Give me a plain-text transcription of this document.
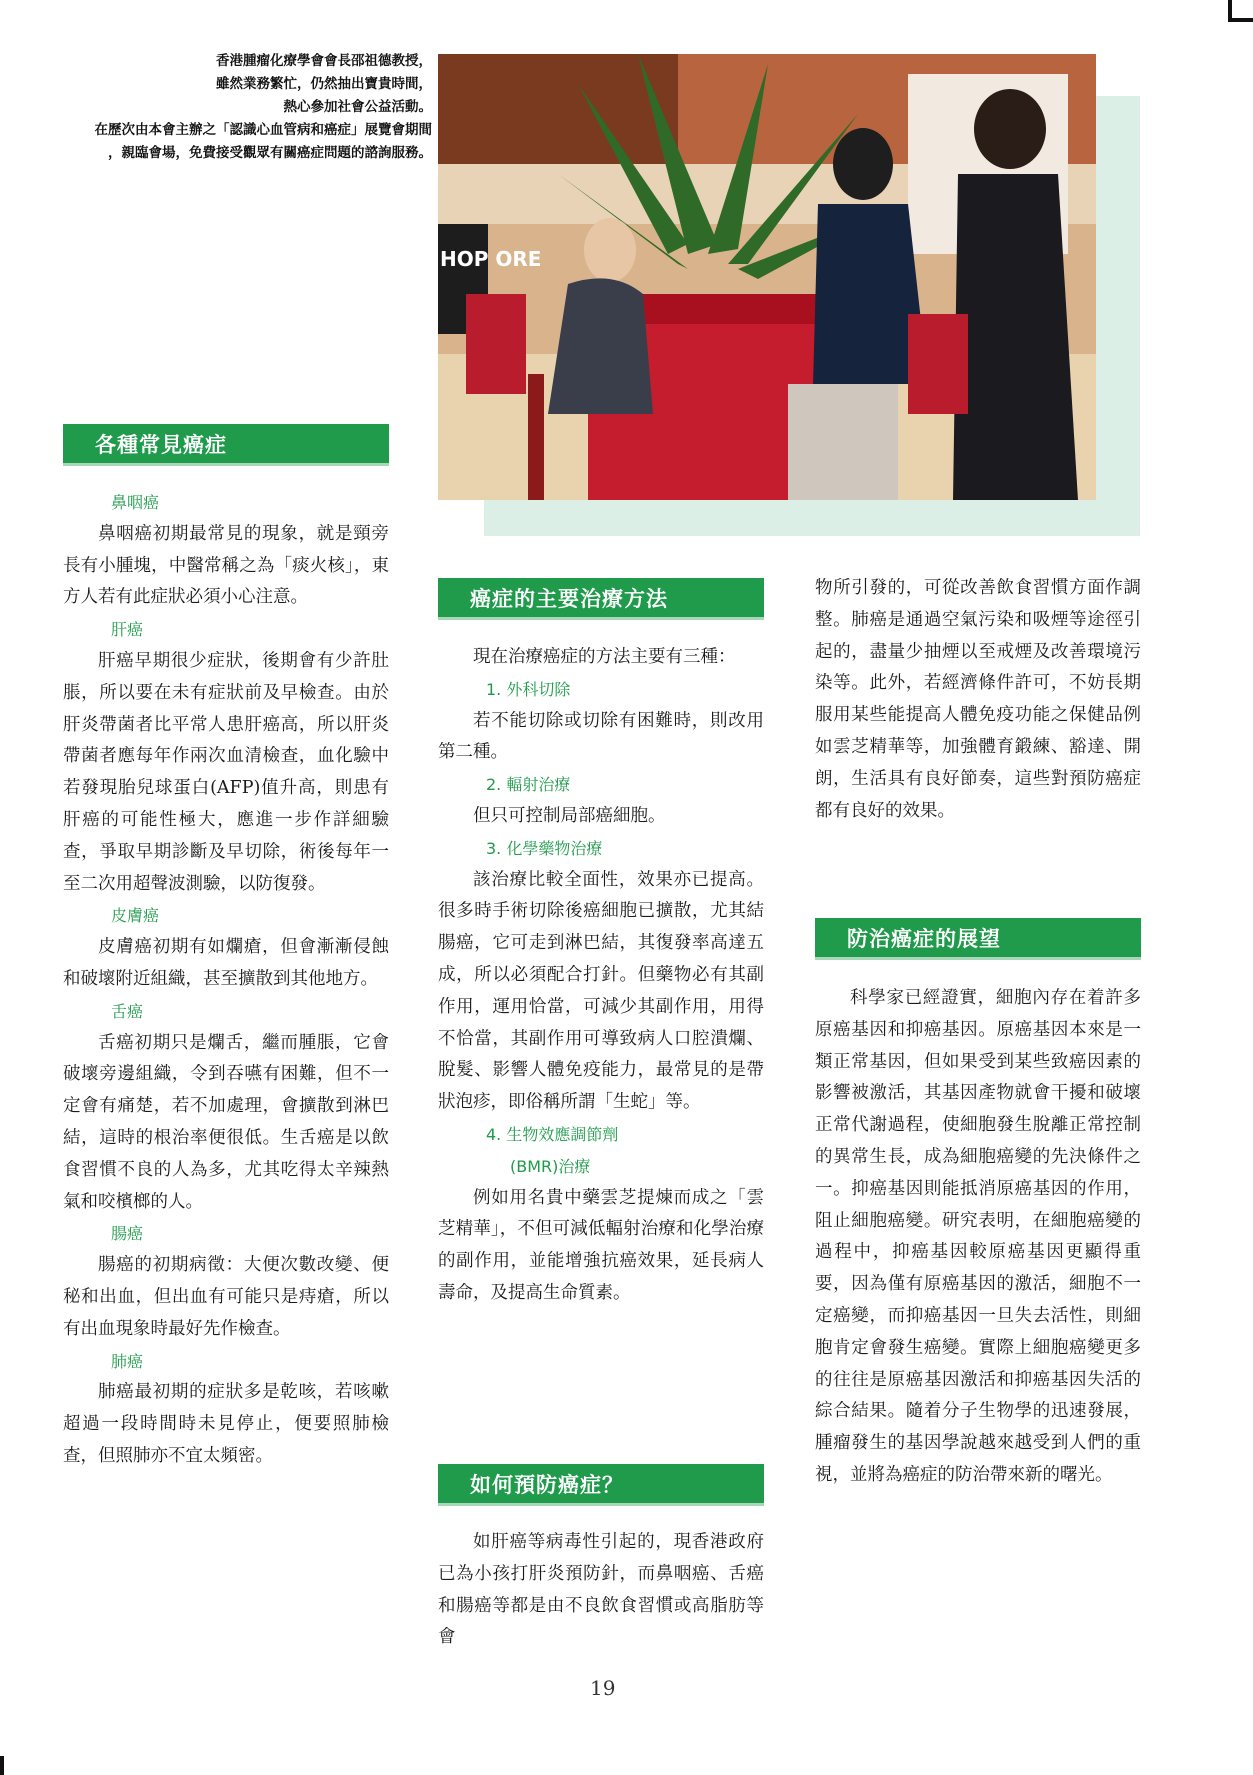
香港腫瘤化療學會會長邵祖德教授，
雖然業務繁忙，仍然抽出寶貴時間，
熱心參加社會公益活動。
在歷次由本會主辦之「認識心血管病和癌症」展覽會期間
，親臨會場，免費接受觀眾有關癌症問題的諮詢服務。
HOP ORE
各種常見癌症
鼻咽癌

鼻咽癌初期最常見的現象，就是頸旁長有小腫塊，中醫常稱之為「痰火核」，東方人若有此症狀必須小心注意。

肝癌

肝癌早期很少症狀，後期會有少許肚脹，所以要在未有症狀前及早檢查。由於肝炎帶菌者比平常人患肝癌高，所以肝炎帶菌者應每年作兩次血清檢查，血化驗中若發現胎兒球蛋白(AFP)值升高，則患有肝癌的可能性極大，應進一步作詳細驗查，爭取早期診斷及早切除，術後每年一至二次用超聲波測驗，以防復發。

皮膚癌

皮膚癌初期有如爛瘡，但會漸漸侵蝕和破壞附近組織，甚至擴散到其他地方。

舌癌

舌癌初期只是爛舌，繼而腫脹，它會破壞旁邊組織，令到吞嚥有困難，但不一定會有痛楚，若不加處理，會擴散到淋巴結，這時的根治率便很低。生舌癌是以飲食習慣不良的人為多，尤其吃得太辛辣熱氣和咬檳榔的人。

腸癌

腸癌的初期病徵：大便次數改變、便秘和出血，但出血有可能只是痔瘡，所以有出血現象時最好先作檢查。

肺癌

肺癌最初期的症狀多是乾咳，若咳嗽超過一段時間時未見停止，便要照肺檢查，但照肺亦不宜太頻密。

癌症的主要治療方法

現在治療癌症的方法主要有三種：

1. 外科切除

若不能切除或切除有困難時，則改用第二種。

2. 輻射治療

但只可控制局部癌細胞。

3. 化學藥物治療

該治療比較全面性，效果亦已提高。很多時手術切除後癌細胞已擴散，尤其結腸癌，它可走到淋巴結，其復發率高達五成，所以必須配合打針。但藥物必有其副作用，運用恰當，可減少其副作用，用得不恰當，其副作用可導致病人口腔潰爛、脫髮、影響人體免疫能力，最常見的是帶狀泡疹，即俗稱所謂「生蛇」等。

4. 生物效應調節劑
(BMR)治療

例如用名貴中藥雲芝提煉而成之「雲芝精華」，不但可減低輻射治療和化學治療的副作用，並能增強抗癌效果，延長病人壽命，及提高生命質素。

如何預防癌症？

如肝癌等病毒性引起的，現香港政府已為小孩打肝炎預防針，而鼻咽癌、舌癌和腸癌等都是由不良飲食習慣或高脂肪等會

物所引發的，可從改善飲食習慣方面作調整。肺癌是通過空氣污染和吸煙等途徑引起的，盡量少抽煙以至戒煙及改善環境污染等。此外，若經濟條件許可，不妨長期服用某些能提高人體免疫功能之保健品例如雲芝精華等，加強體育鍛練、豁達、開朗，生活具有良好節奏，這些對預防癌症都有良好的效果。

防治癌症的展望

科學家已經證實，細胞內存在着許多原癌基因和抑癌基因。原癌基因本來是一類正常基因，但如果受到某些致癌因素的影響被激活，其基因產物就會干擾和破壞正常代謝過程，使細胞發生脫離正常控制的異常生長，成為細胞癌變的先決條件之一。抑癌基因則能抵消原癌基因的作用，阻止細胞癌變。研究表明，在細胞癌變的過程中，抑癌基因較原癌基因更顯得重要，因為僅有原癌基因的激活，細胞不一定癌變，而抑癌基因一旦失去活性，則細胞肯定會發生癌變。實際上細胞癌變更多的往往是原癌基因激活和抑癌基因失活的綜合結果。隨着分子生物學的迅速發展，腫瘤發生的基因學說越來越受到人們的重視，並將為癌症的防治帶來新的曙光。

19
